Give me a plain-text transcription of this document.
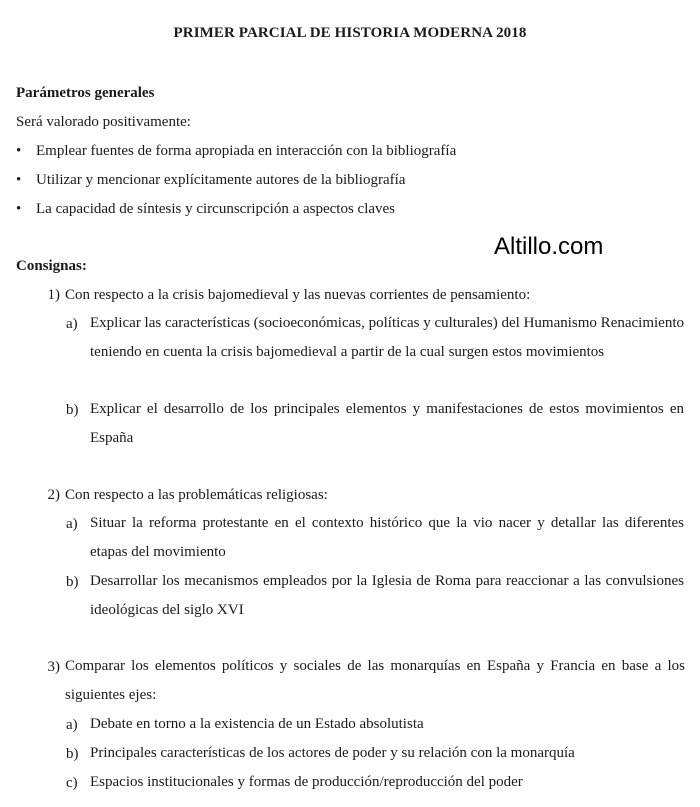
PRIMER PARCIAL DE HISTORIA MODERNA 2018
Parámetros generales
Será valorado positivamente:
• Emplear fuentes de forma apropiada en interacción con la bibliografía
• Utilizar y mencionar explícitamente autores de la bibliografía
• La capacidad de síntesis y circunscripción a aspectos claves
Altillo.com
Consignas:
1) Con respecto a la crisis bajomedieval y las nuevas corrientes de pensamiento:
a) Explicar las características (socioeconómicas, políticas y culturales) del Humanismo Renacimiento teniendo en cuenta la crisis bajomedieval a partir de la cual surgen estos movimientos
b) Explicar el desarrollo de los principales elementos y manifestaciones de estos movimientos en España
2) Con respecto a las problemáticas religiosas:
a) Situar la reforma protestante en el contexto histórico que la vio nacer y detallar las diferentes etapas del movimiento
b) Desarrollar los mecanismos empleados por la Iglesia de Roma para reaccionar a las convulsiones ideológicas del siglo XVI
3) Comparar los elementos políticos y sociales de las monarquías en España y Francia en base a los siguientes ejes:
a) Debate en torno a la existencia de un Estado absolutista
b) Principales características de los actores de poder y su relación con la monarquía
c) Espacios institucionales y formas de producción/reproducción del poder
